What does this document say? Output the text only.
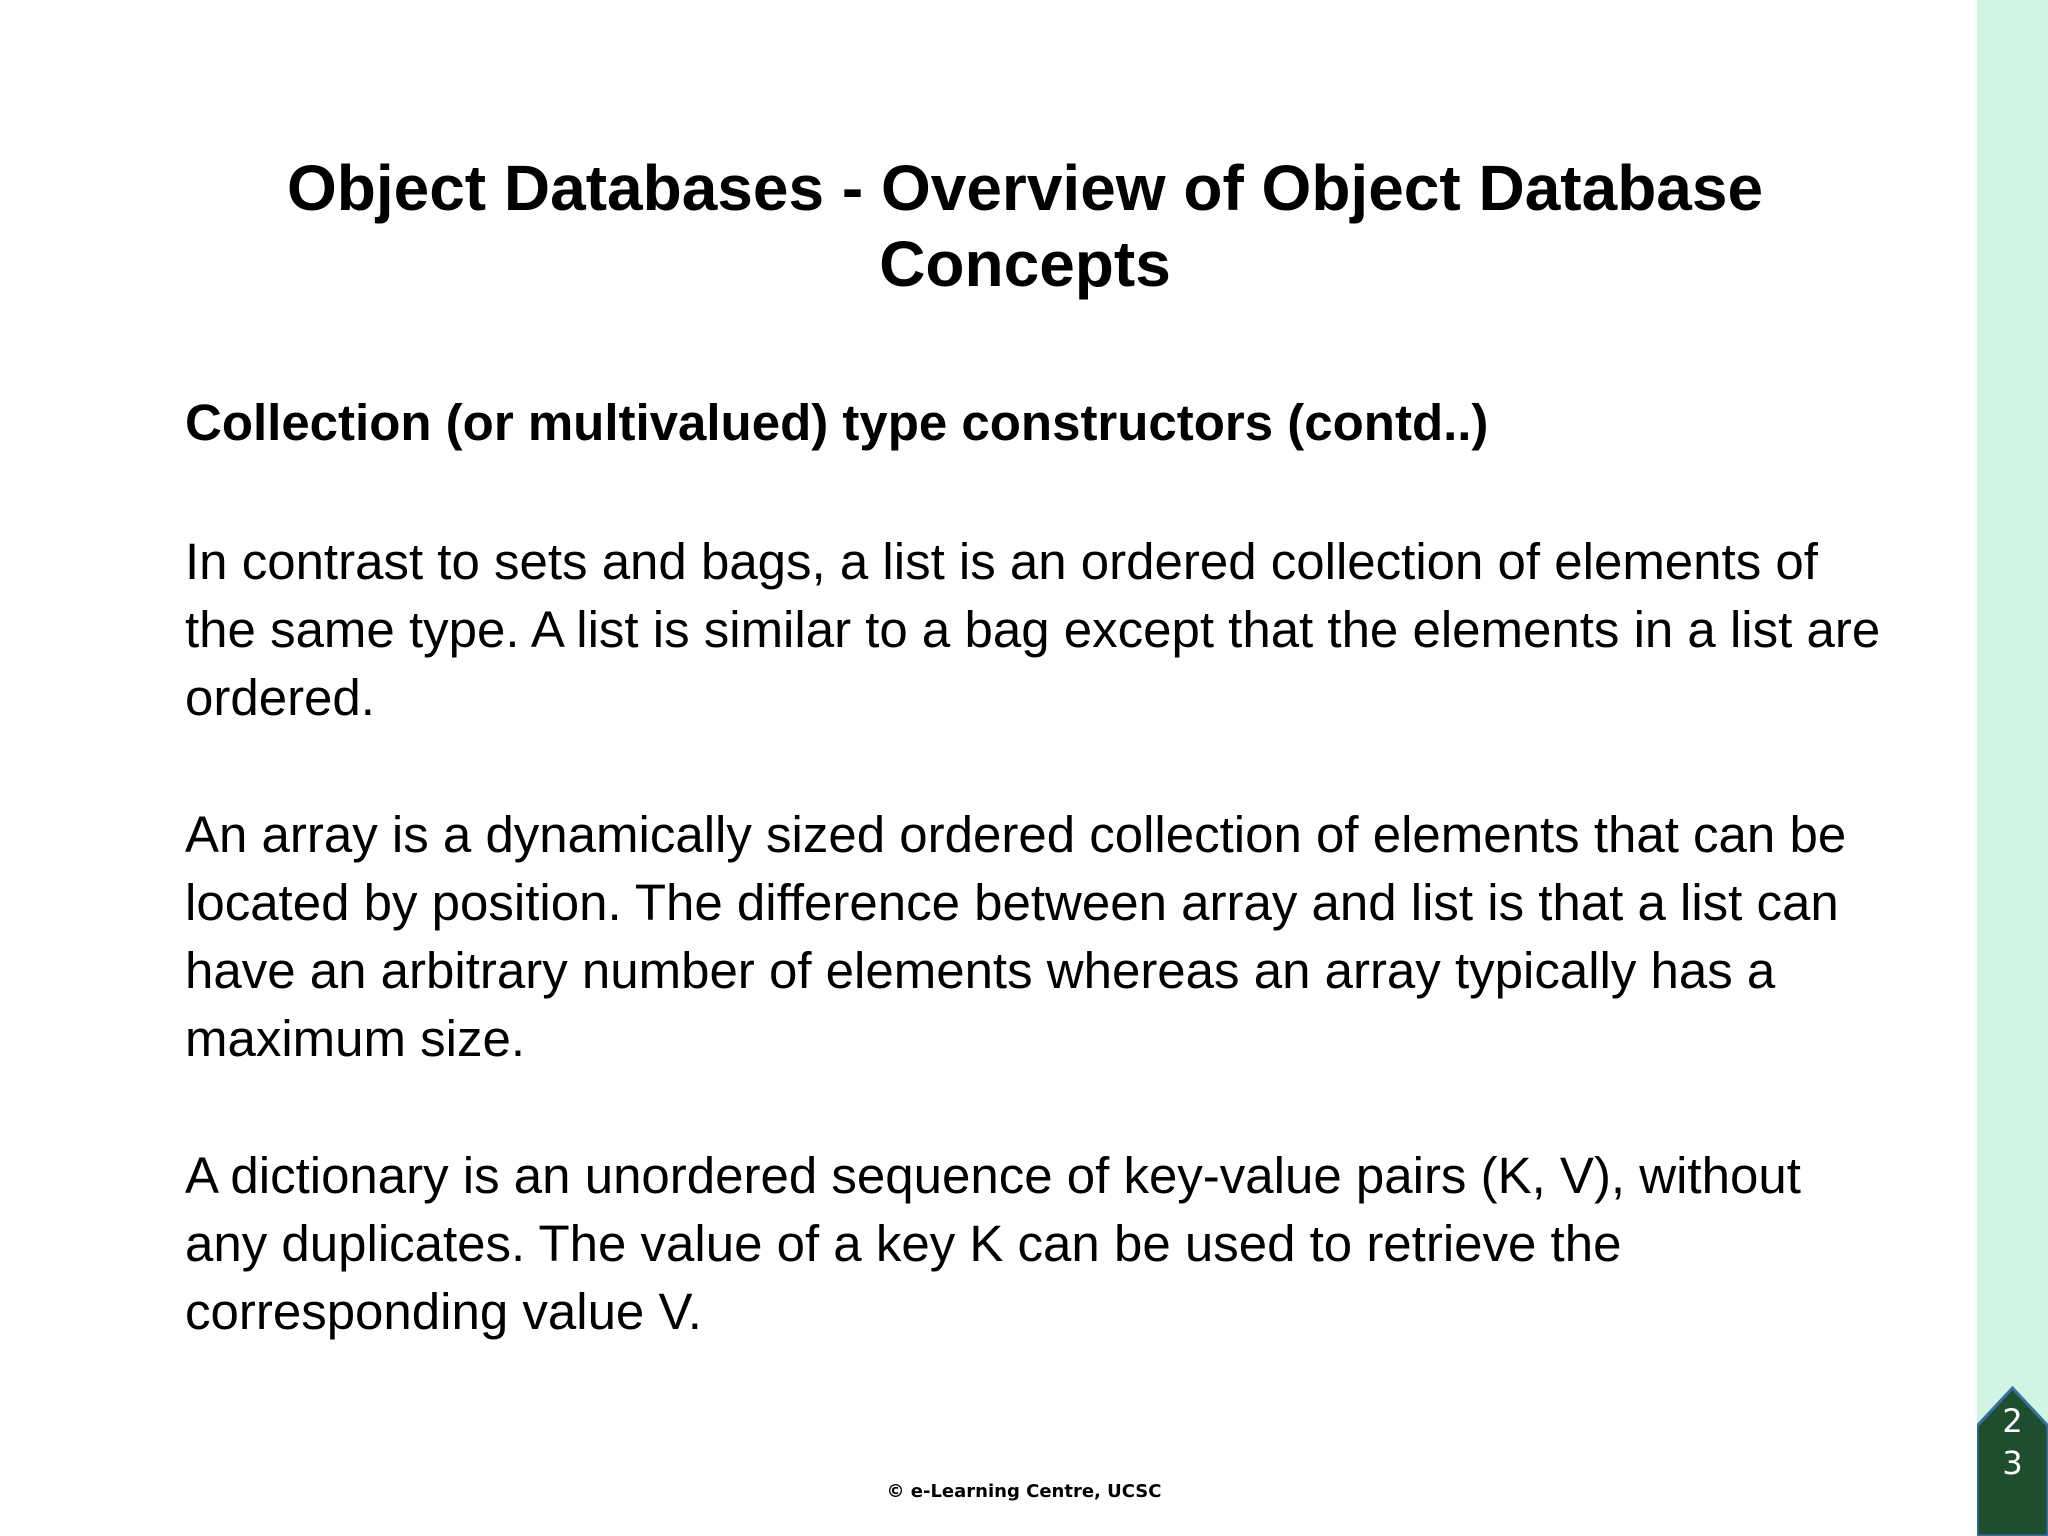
Object Databases - Overview of Object Database Concepts
Collection (or multivalued) type constructors (contd..)

In contrast to sets and bags, a list is an ordered collection of elements of the same type. A list is similar to a bag except that the elements in a list are ordered.

An array is a dynamically sized ordered collection of elements that can be located by position. The difference between array and list is that a list can have an arbitrary number of elements whereas an array typically has a maximum size.

A dictionary is an unordered sequence of key-value pairs (K, V), without any duplicates. The value of a key K can be used to retrieve the corresponding value V.

© e-Learning Centre, UCSC
23
